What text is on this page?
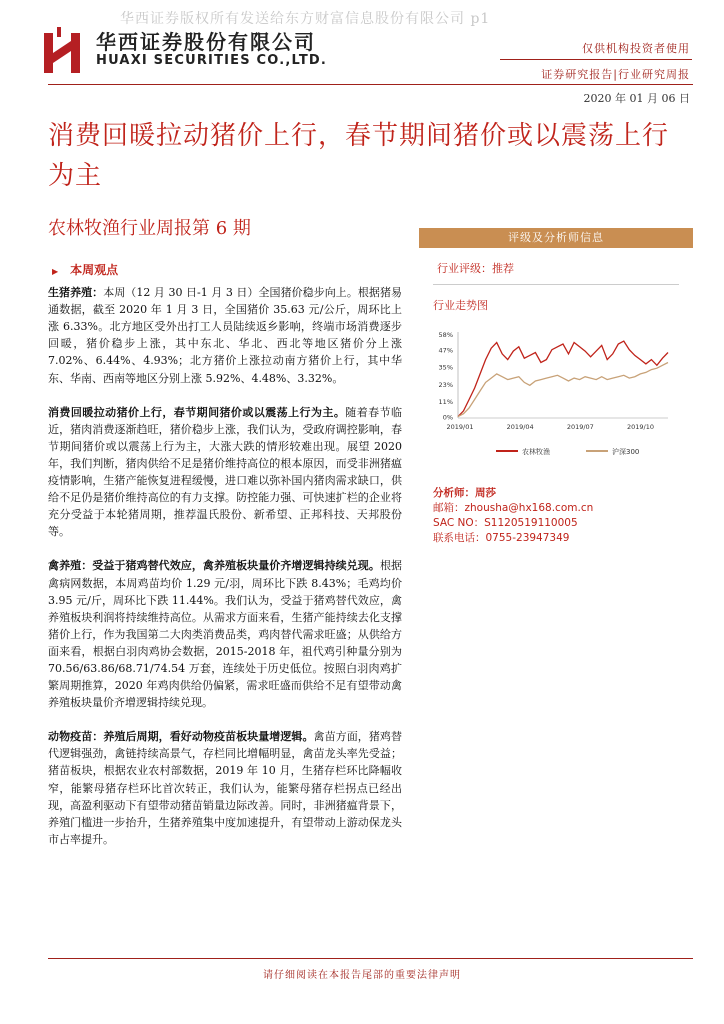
华西证券版权所有发送给东方财富信息股份有限公司 p1
华西证券股份有限公司
HUAXI SECURITIES CO.,LTD.
仅供机构投资者使用
证券研究报告|行业研究周报
2020 年 01 月 06 日
消费回暖拉动猪价上行，春节期间猪价或以震荡上行为主
农林牧渔行业周报第 6 期
▶ 本周观点

生猪养殖：本周（12 月 30 日-1 月 3 日）全国猪价稳步向上。根据猪易通数据，截至 2020 年 1 月 3 日，全国猪价 35.63 元/公斤，周环比上涨 6.33%。北方地区受外出打工人员陆续返乡影响，终端市场消费逐步回暖，猪价稳步上涨，其中东北、华北、西北等地区猪价分上涨 7.02%、6.44%、4.93%；北方猪价上涨拉动南方猪价上行，其中华东、华南、西南等地区分别上涨 5.92%、4.48%、3.32%。

消费回暖拉动猪价上行，春节期间猪价或以震荡上行为主。随着春节临近，猪肉消费逐渐趋旺，猪价稳步上涨，我们认为，受政府调控影响，春节期间猪价或以震荡上行为主，大涨大跌的情形较难出现。展望 2020 年，我们判断，猪肉供给不足是猪价维持高位的根本原因，而受非洲猪瘟疫情影响，生猪产能恢复进程缓慢，进口难以弥补国内猪肉需求缺口，供给不足仍是猪价维持高位的有力支撑。防控能力强、可快速扩栏的企业将充分受益于本轮猪周期，推荐温氏股份、新希望、正邦科技、天邦股份等。

禽养殖：受益于猪鸡替代效应，禽养殖板块量价齐增逻辑持续兑现。根据禽病网数据，本周鸡苗均价 1.29 元/羽，周环比下跌 8.43%；毛鸡均价 3.95 元/斤，周环比下跌 11.44%。我们认为，受益于猪鸡替代效应，禽养殖板块利润将持续维持高位。从需求方面来看，生猪产能持续去化支撑猪价上行，作为我国第二大肉类消费品类，鸡肉替代需求旺盛；从供给方面来看，根据白羽肉鸡协会数据，2015-2018 年，祖代鸡引种量分别为 70.56/63.86/68.71/74.54 万套，连续处于历史低位。按照白羽肉鸡扩繁周期推算，2020 年鸡肉供给仍偏紧，需求旺盛而供给不足有望带动禽养殖板块量价齐增逻辑持续兑现。

动物疫苗：养殖后周期，看好动物疫苗板块量增逻辑。禽苗方面，猪鸡替代逻辑强劲，禽链持续高景气，存栏同比增幅明显，禽苗龙头率先受益；猪苗板块，根据农业农村部数据，2019 年 10 月，生猪存栏环比降幅收窄，能繁母猪存栏环比首次转正，我们认为，能繁母猪存栏拐点已经出现，高盈利驱动下有望带动猪苗销量边际改善。同时，非洲猪瘟背景下，养殖门槛进一步抬升，生猪养殖集中度加速提升，有望带动上游动保龙头市占率提升。

评级及分析师信息
行业评级：推荐
行业走势图
0%
11%
23%
35%
47%
58%
2019/01	2019/04	2019/07	2019/10
农林牧渔	沪深300
分析师：周莎
邮箱：zhousha@hx168.com.cn
SAC NO：S1120519110005
联系电话：0755-23947349
请仔细阅读在本报告尾部的重要法律声明
